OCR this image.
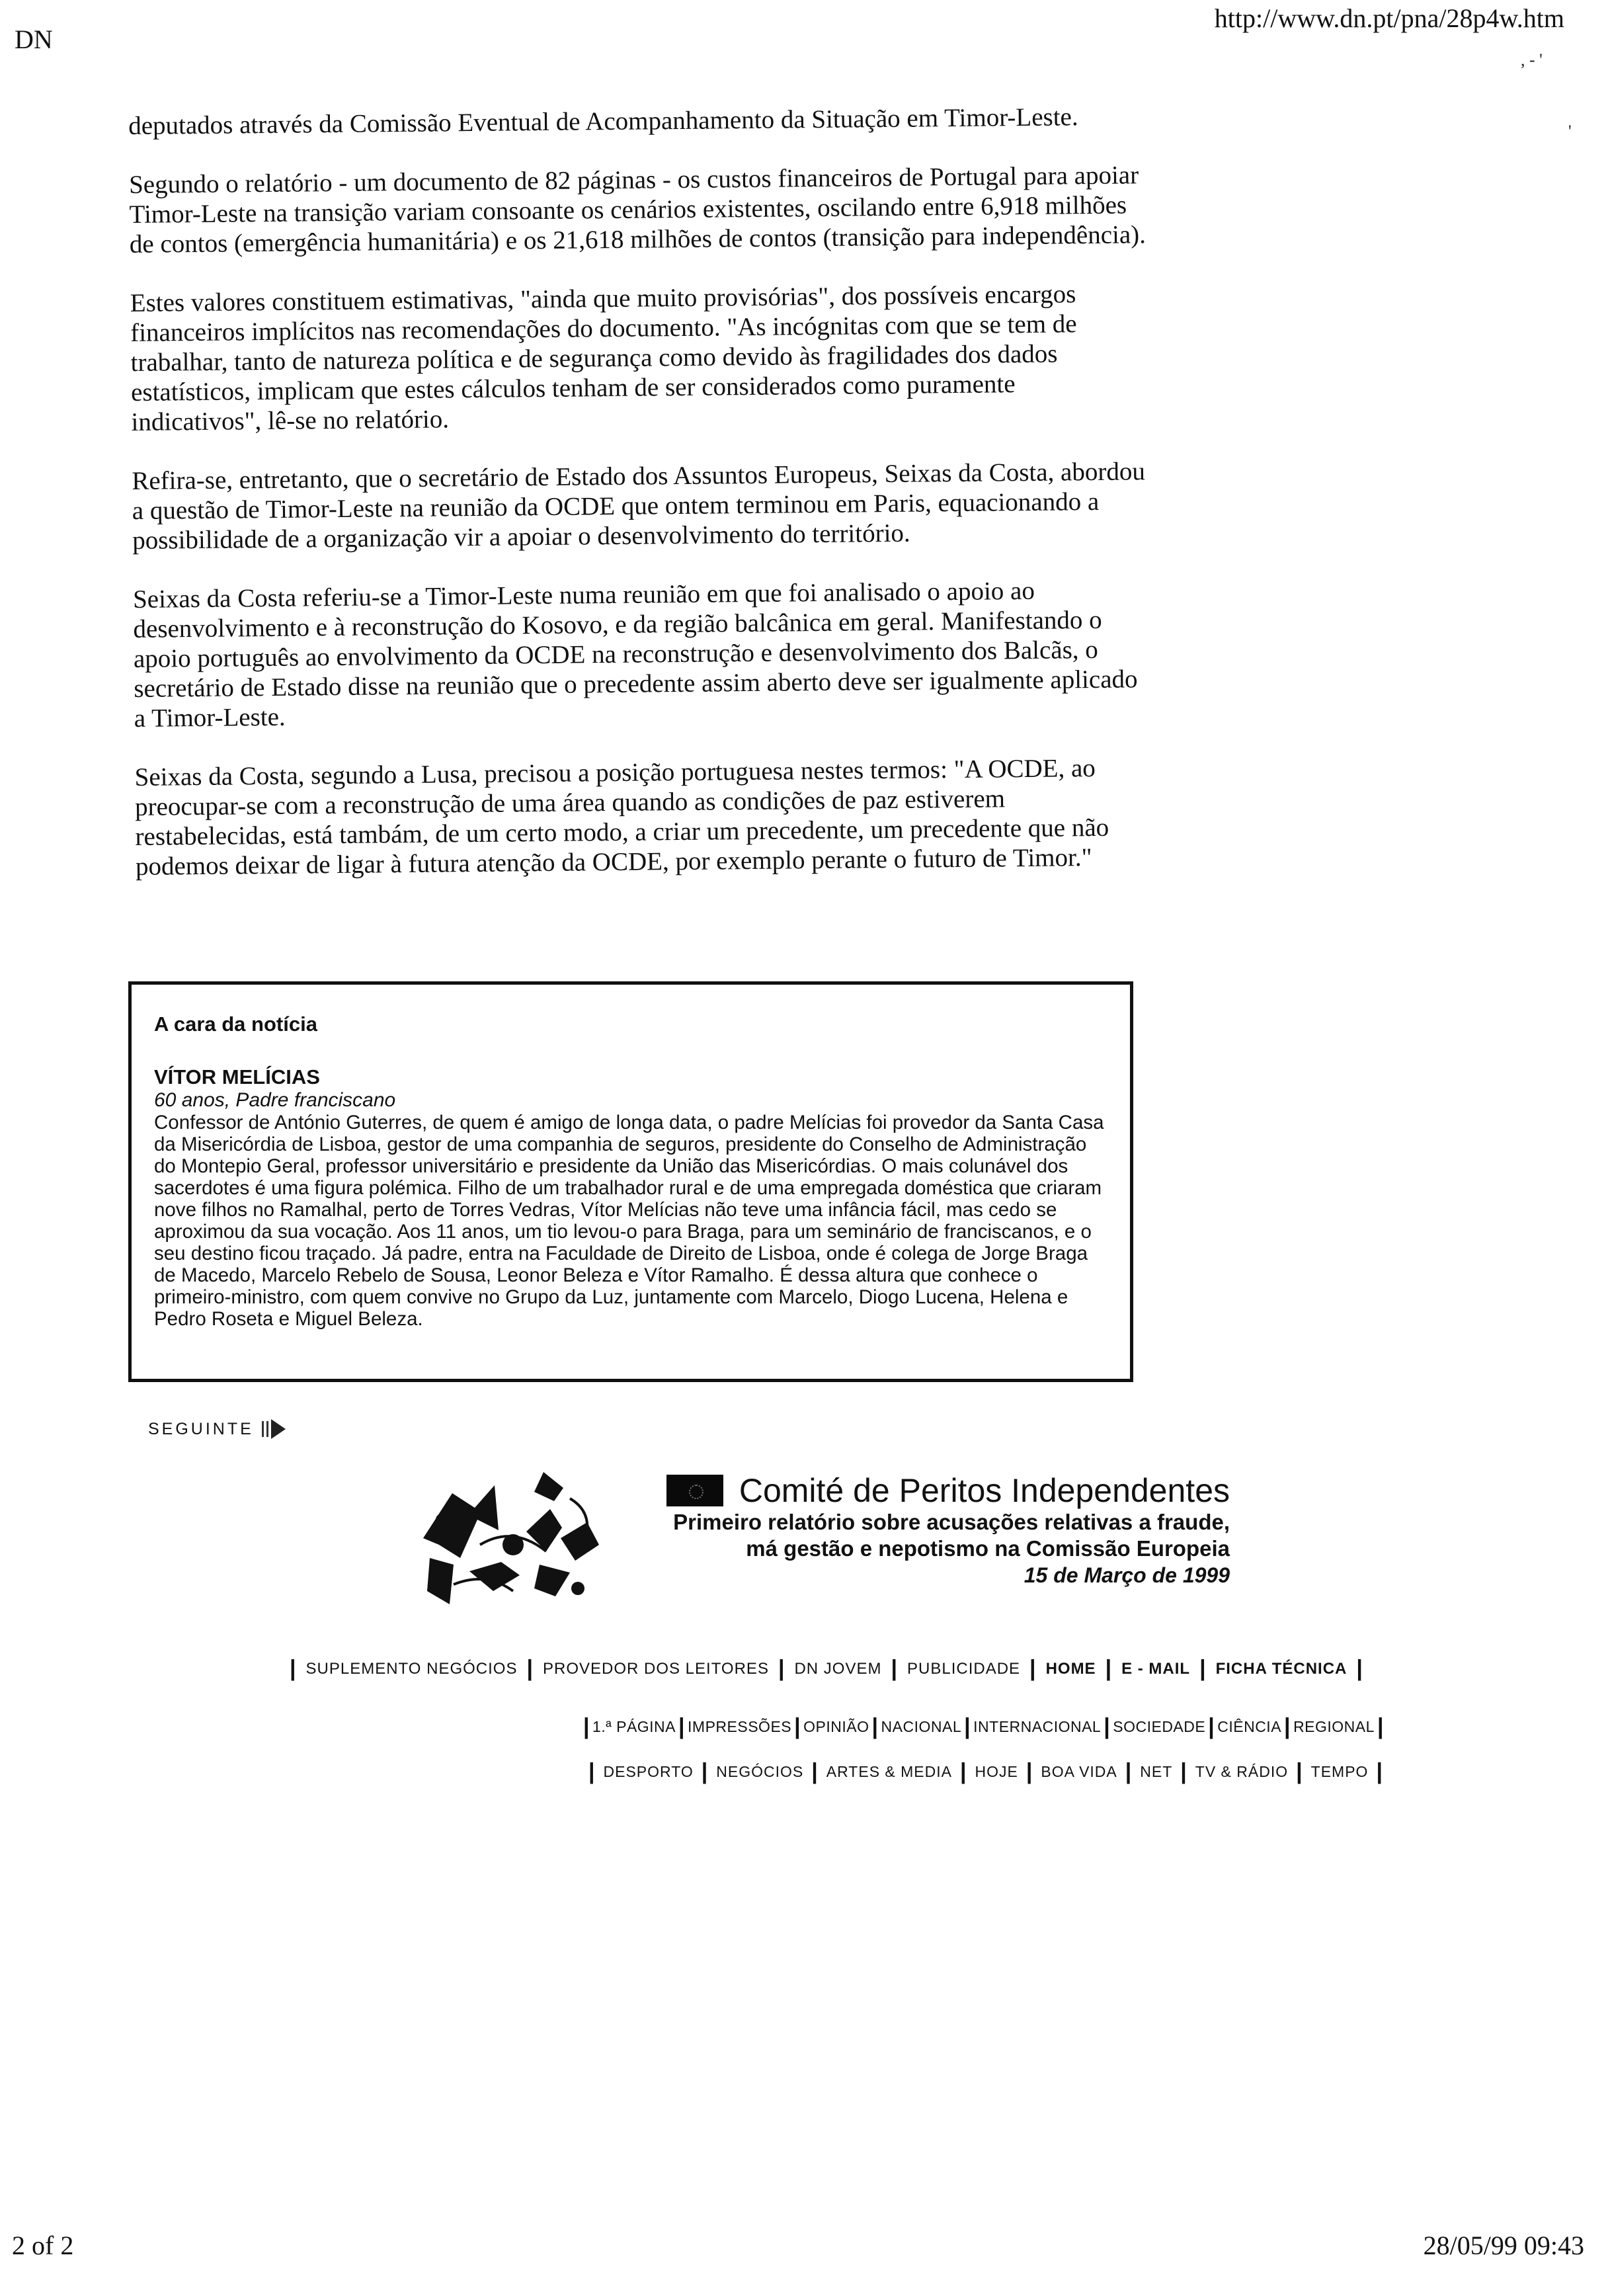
DN
http://www.dn.pt/pna/28p4w.htm
, - '
'

deputados através da Comissão Eventual de Acompanhamento da Situação em Timor-Leste.

Segundo o relatório - um documento de 82 páginas - os custos financeiros de Portugal para apoiar Timor-Leste na transição variam consoante os cenários existentes, oscilando entre 6,918 milhões de contos (emergência humanitária) e os 21,618 milhões de contos (transição para independência).

Estes valores constituem estimativas, "ainda que muito provisórias", dos possíveis encargos financeiros implícitos nas recomendações do documento. "As incógnitas com que se tem de trabalhar, tanto de natureza política e de segurança como devido às fragilidades dos dados estatísticos, implicam que estes cálculos tenham de ser considerados como puramente indicativos", lê-se no relatório.

Refira-se, entretanto, que o secretário de Estado dos Assuntos Europeus, Seixas da Costa, abordou a questão de Timor-Leste na reunião da OCDE que ontem terminou em Paris, equacionando a possibilidade de a organização vir a apoiar o desenvolvimento do território.

Seixas da Costa referiu-se a Timor-Leste numa reunião em que foi analisado o apoio ao desenvolvimento e à reconstrução do Kosovo, e da região balcânica em geral. Manifestando o apoio português ao envolvimento da OCDE na reconstrução e desenvolvimento dos Balcãs, o secretário de Estado disse na reunião que o precedente assim aberto deve ser igualmente aplicado a Timor-Leste.

Seixas da Costa, segundo a Lusa, precisou a posição portuguesa nestes termos: "A OCDE, ao preocupar-se com a reconstrução de uma área quando as condições de paz estiverem restabelecidas, está tambám, de um certo modo, a criar um precedente, um precedente que não podemos deixar de ligar à futura atenção da OCDE, por exemplo perante o futuro de Timor."

A cara da notícia
VÍTOR MELÍCIAS
60 anos, Padre franciscano

Confessor de António Guterres, de quem é amigo de longa data, o padre Melícias foi provedor da Santa Casa da Misericórdia de Lisboa, gestor de uma companhia de seguros, presidente do Conselho de Administração do Montepio Geral, professor universitário e presidente da União das Misericórdias. O mais colunável dos sacerdotes é uma figura polémica. Filho de um trabalhador rural e de uma empregada doméstica que criaram nove filhos no Ramalhal, perto de Torres Vedras, Vítor Melícias não teve uma infância fácil, mas cedo se aproximou da sua vocação. Aos 11 anos, um tio levou-o para Braga, para um seminário de franciscanos, e o seu destino ficou traçado. Já padre, entra na Faculdade de Direito de Lisboa, onde é colega de Jorge Braga de Macedo, Marcelo Rebelo de Sousa, Leonor Beleza e Vítor Ramalho. É dessa altura que conhece o primeiro-ministro, com quem convive no Grupo da Luz, juntamente com Marcelo, Diogo Lucena, Helena e Pedro Roseta e Miguel Beleza.

SEGUINTE
Comité de Peritos Independentes
Primeiro relatório sobre acusações relativas a fraude,
má gestão e nepotismo na Comissão Europeia
15 de Março de 1999
| SUPLEMENTO NEGÓCIOS | PROVEDOR DOS LEITORES | DN JOVEM | PUBLICIDADE | HOME | E - MAIL | FICHA TÉCNICA |
| 1.ª PÁGINA | IMPRESSÕES | OPINIÃO | NACIONAL | INTERNACIONAL | SOCIEDADE | CIÊNCIA | REGIONAL |
| DESPORTO | NEGÓCIOS | ARTES & MEDIA | HOJE | BOA VIDA | NET | TV & RÁDIO | TEMPO |
2 of 2	28/05/99 09:43
